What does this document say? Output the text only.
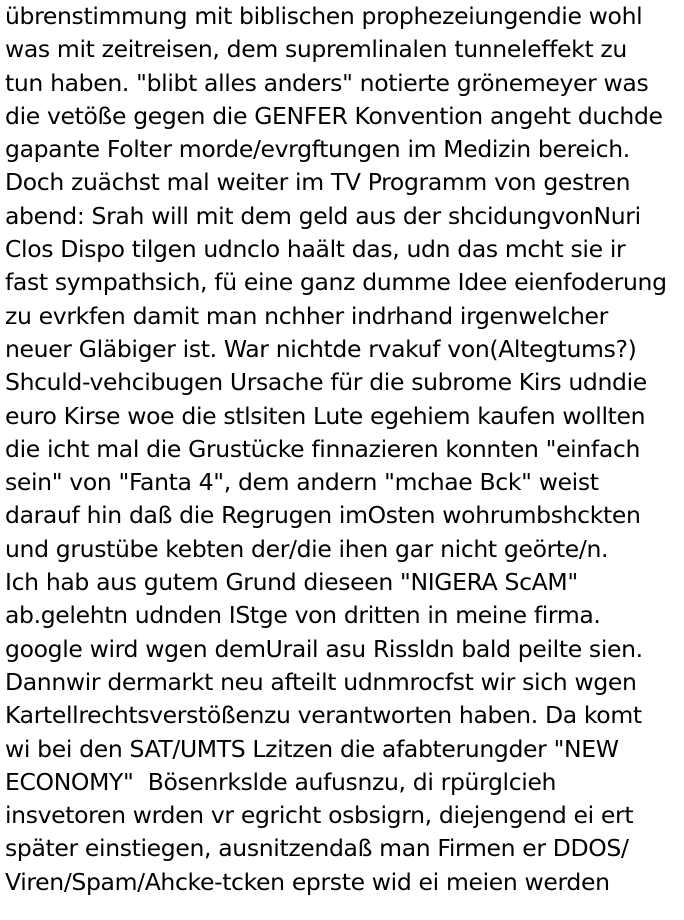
übrenstimmung mit biblischen prophezeiungendie wohl
was mit zeitreisen, dem supremlinalen tunneleffekt zu
tun haben. "blibt alles anders" notierte grönemeyer was
die vetöße gegen die GENFER Konvention angeht duchde
gapante Folter morde/evrgftungen im Medizin bereich.
Doch zuächst mal weiter im TV Programm von gestren
abend: Srah will mit dem geld aus der shcidungvonNuri
Clos Dispo tilgen udnclo haält das, udn das mcht sie ir
fast sympathsich, fü eine ganz dumme Idee eienfoderung
zu evrkfen damit man nchher indrhand irgenwelcher
neuer Gläbiger ist. War nichtde rvakuf von(Altegtums?)
Shculd-vehcibugen Ursache für die subrome Kirs udndie
euro Kirse woe die stlsiten Lute egehiem kaufen wollten
die icht mal die Grustücke finnazieren konnten "einfach
sein" von "Fanta 4", dem andern "mchae Bck" weist
darauf hin daß die Regrugen imOsten wohrumbshckten
und grustübe kebten der/die ihen gar nicht geörte/n.
Ich hab aus gutem Grund dieseen "NIGERA ScAM"
ab.gelehtn udnden IStge von dritten in meine firma.
google wird wgen demUrail asu Rissldn bald peilte sien.
Dannwir dermarkt neu afteilt udnmrocfst wir sich wgen
Kartellrechtsverstößenzu verantworten haben. Da komt
wi bei den SAT/UMTS Lzitzen die afabterungder "NEW
ECONOMY"  Bösenrkslde aufusnzu, di rpürglcieh
insvetoren wrden vr egricht osbsigrn, diejengend ei ert
später einstiegen, ausnitzendaß man Firmen er DDOS/
Viren/Spam/Ahcke-tcken eprste wid ei meien werden
